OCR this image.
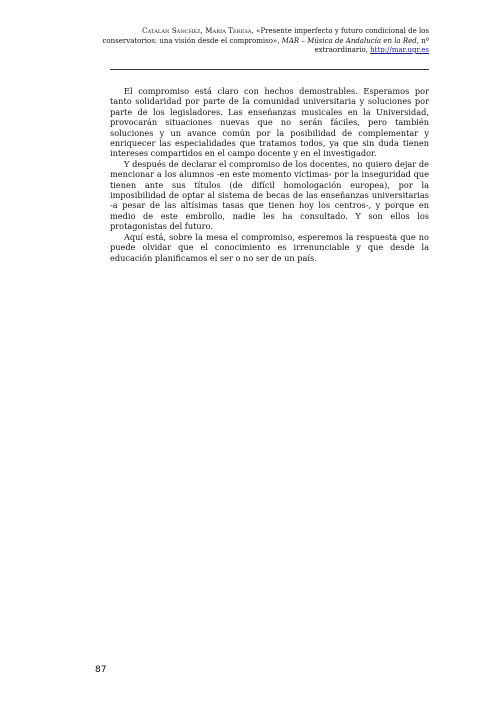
Catalán Sánchez, María Teresa, «Presente imperfecto y futuro condicional de los conservatorios: una visión desde el compromiso», MAR – Música de Andalucía en la Red, nº extraordinario, http://mar.ugr.es

El compromiso está claro con hechos demostrables. Esperamos por tanto solidaridad por parte de la comunidad universitaria y soluciones por parte de los legisladores. Las enseñanzas musicales en la Universidad, provocarán situaciones nuevas que no serán fáciles, pero también soluciones y un avance común por la posibilidad de complementar y enriquecer las especialidades que tratamos todos, ya que sin duda tienen intereses compartidos en el campo docente y en el investigador.

Y después de declarar el compromiso de los docentes, no quiero dejar de mencionar a los alumnos -en este momento víctimas- por la inseguridad que tienen ante sus títulos (de difícil homologación europea), por la imposibilidad de optar al sistema de becas de las enseñanzas universitarias -a pesar de las altísimas tasas que tienen hoy los centros-, y porque en medio de este embrollo, nadie les ha consultado. Y son ellos los protagonistas del futuro.

Aquí está, sobre la mesa el compromiso, esperemos la respuesta que no puede olvidar que el conocimiento es irrenunciable y que desde la educación planificamos el ser o no ser de un país.

87
